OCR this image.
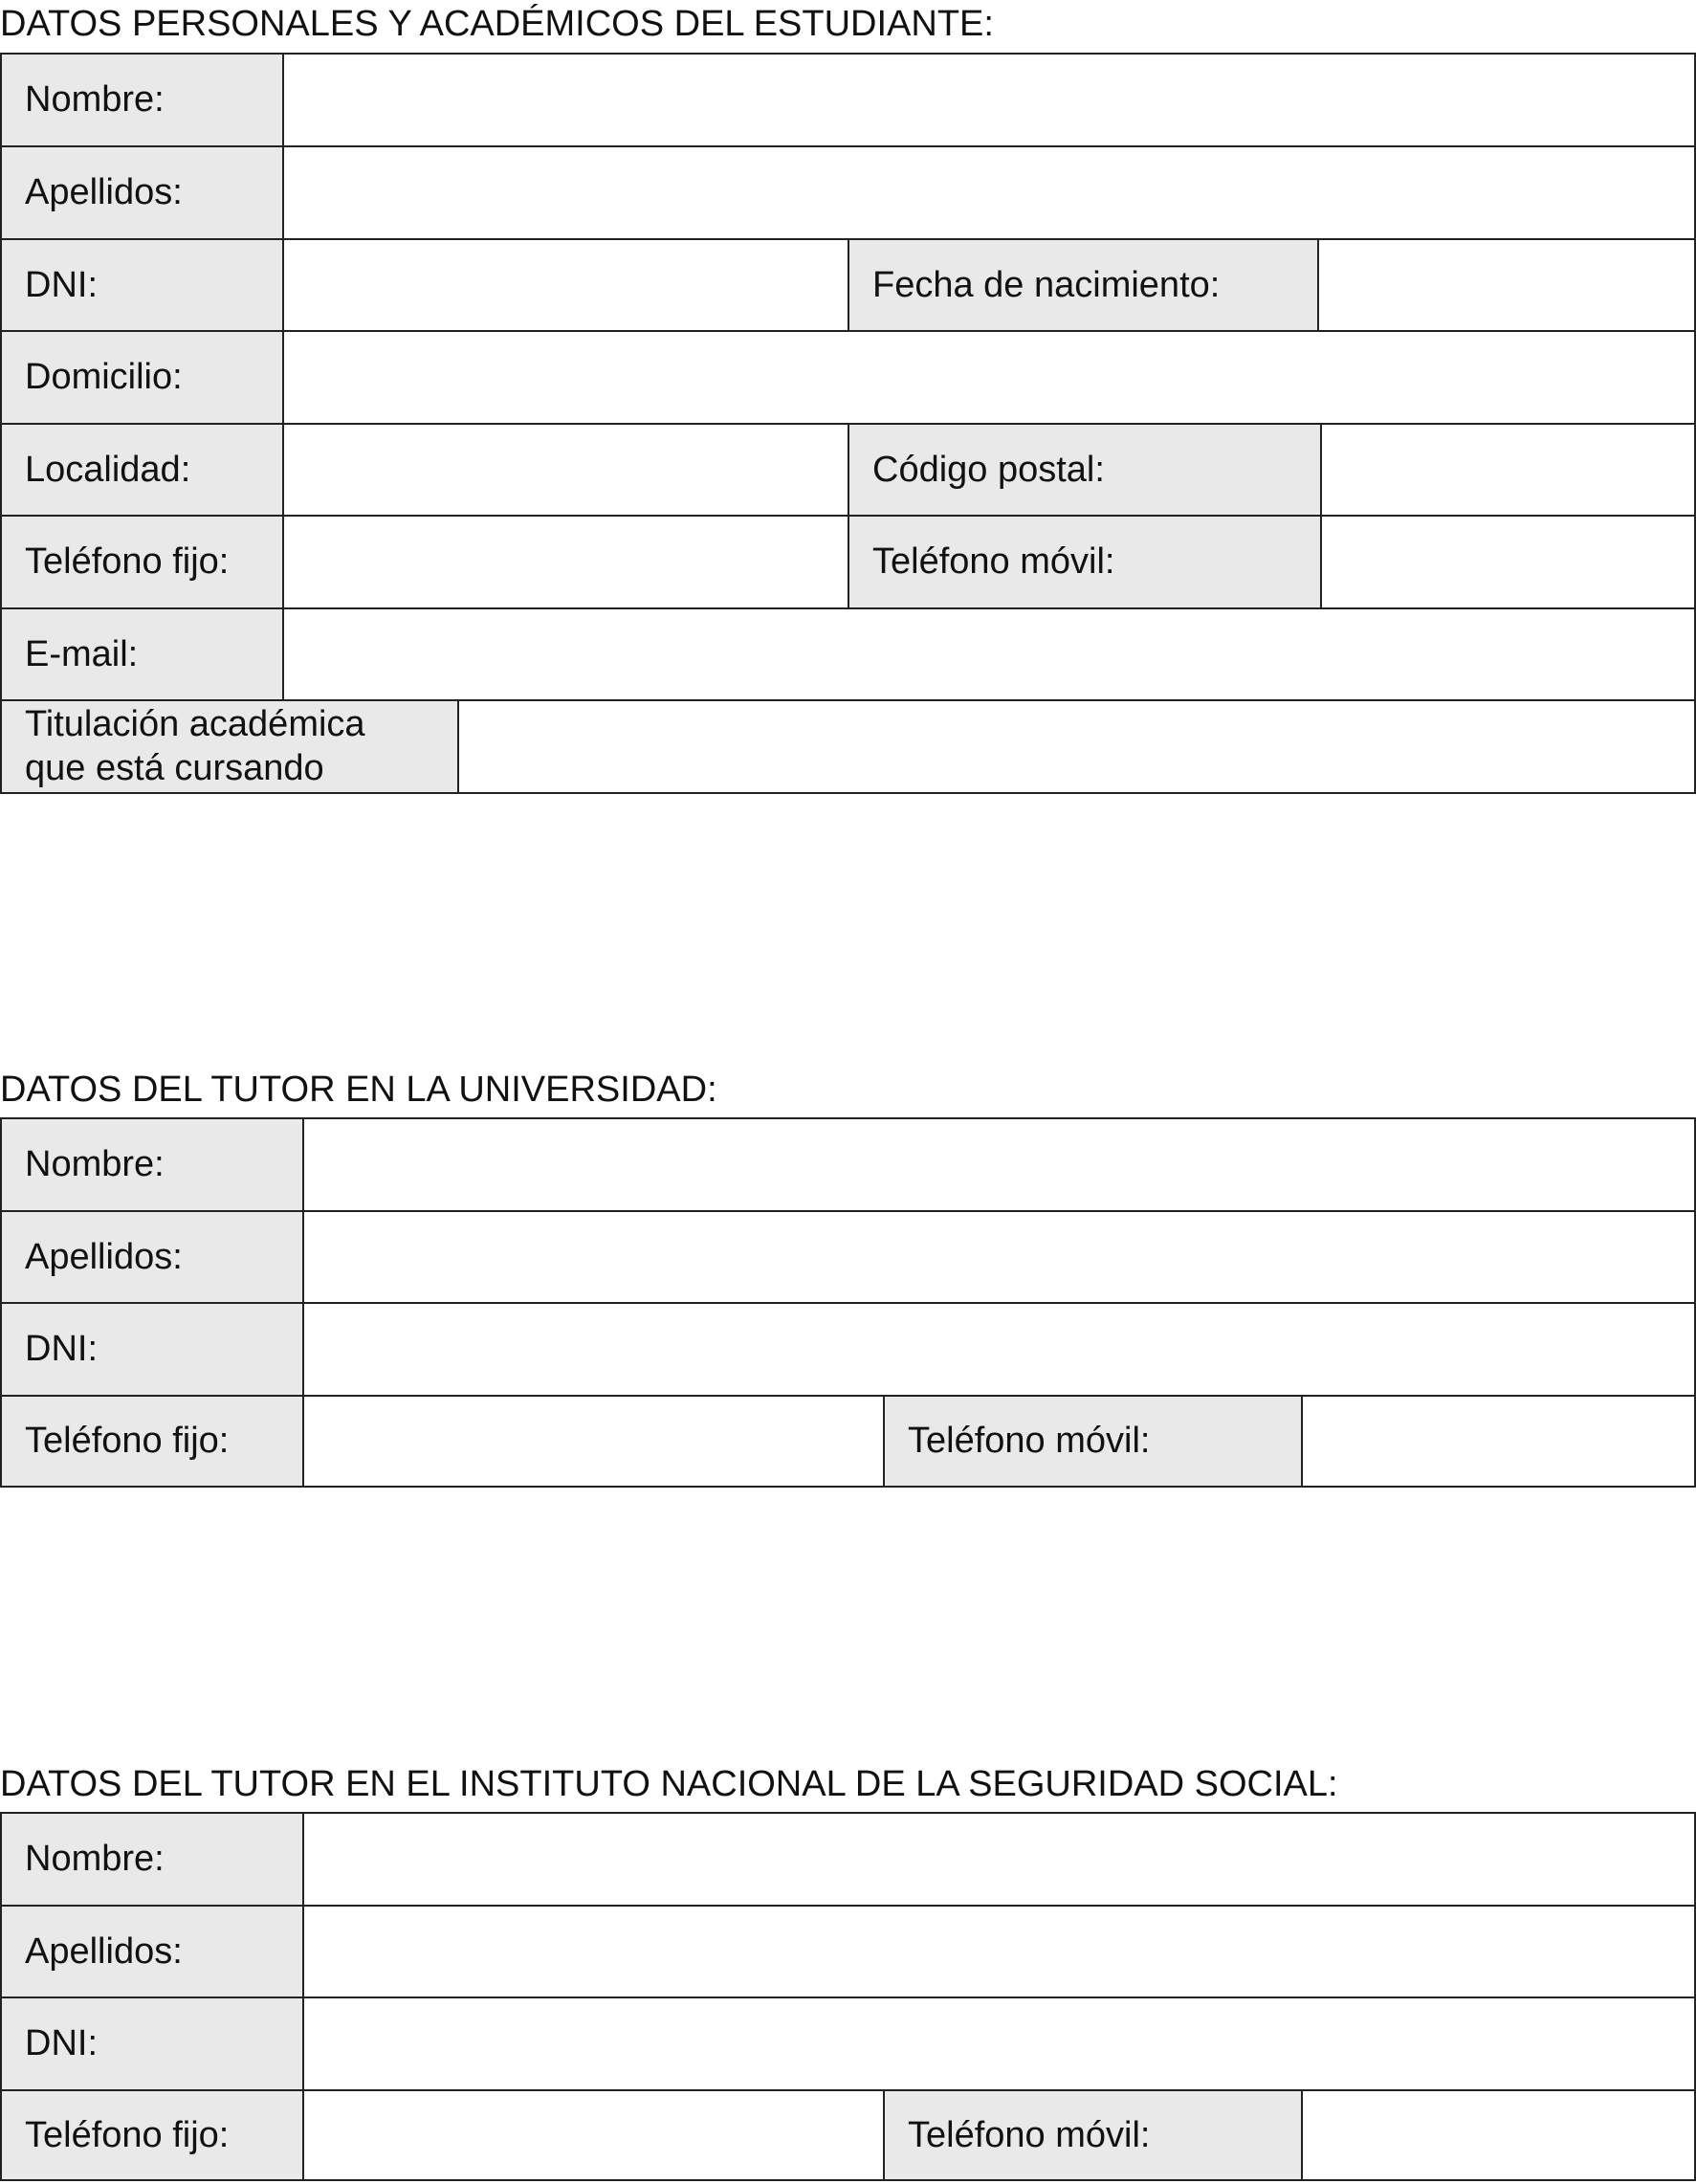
DATOS PERSONALES Y ACADÉMICOS DEL ESTUDIANTE:
Nombre:
Apellidos:
DNI:	Fecha de nacimiento:
Domicilio:
Localidad:	Código postal:
Teléfono fijo:	Teléfono móvil:
E-mail:
Titulación académica
que está cursando
DATOS DEL TUTOR EN LA UNIVERSIDAD:
Nombre:
Apellidos:
DNI:
Teléfono fijo:	Teléfono móvil:
DATOS DEL TUTOR EN EL INSTITUTO NACIONAL DE LA SEGURIDAD SOCIAL:
Nombre:
Apellidos:
DNI:
Teléfono fijo:	Teléfono móvil:
